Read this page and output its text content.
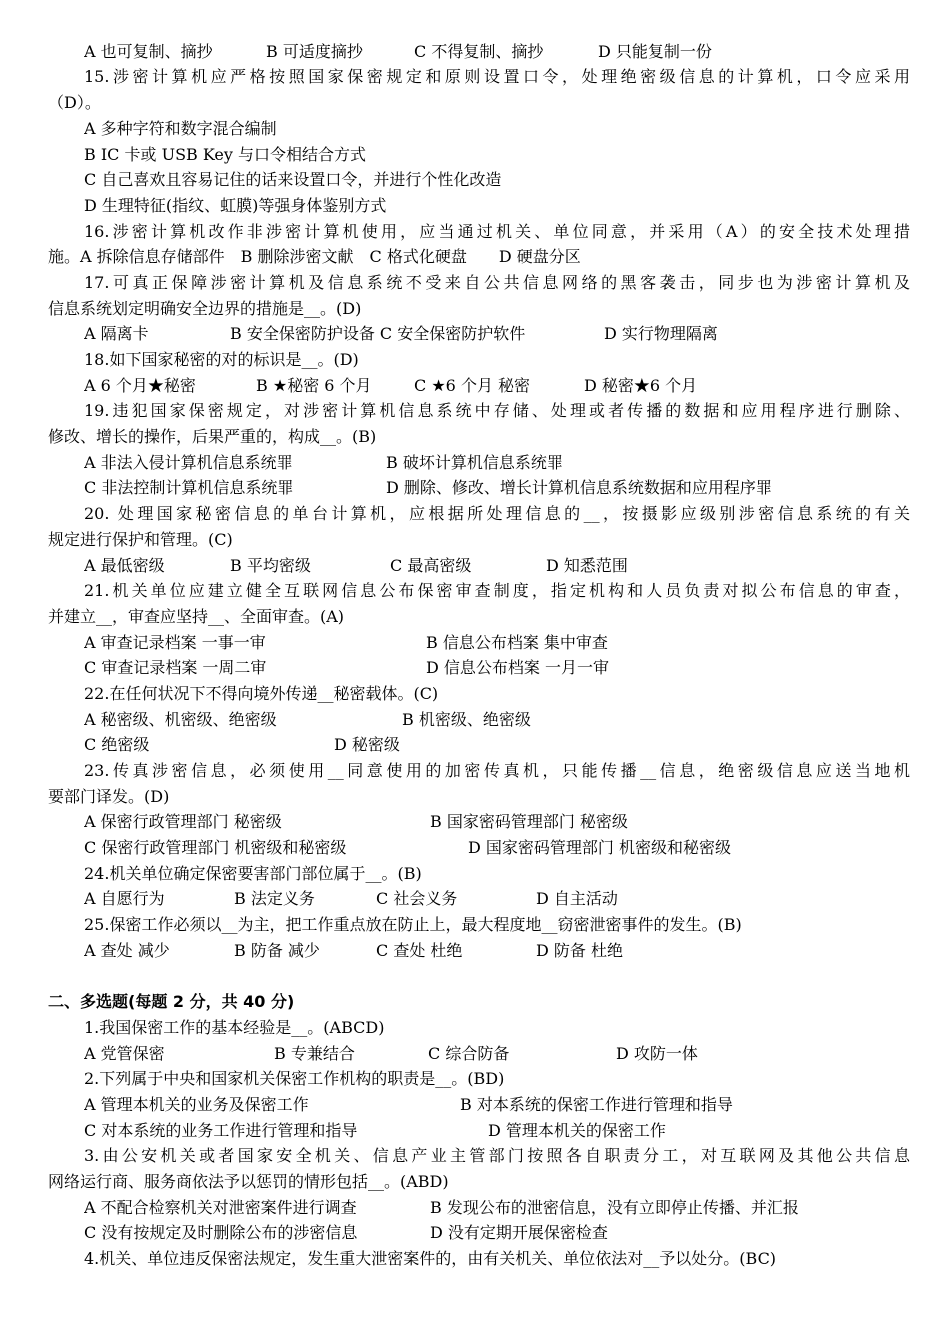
A 也可复制、摘抄	B 可适度摘抄	C 不得复制、摘抄	D 只能复制一份
15.涉密计算机应严格按照国家保密规定和原则设置口令，处理绝密级信息的计算机，口令应采用
（D）。
A 多种字符和数字混合编制
B IC 卡或 USB Key 与口令相结合方式
C 自己喜欢且容易记住的话来设置口令，并进行个性化改造
D 生理特征(指纹、虹膜)等强身体鉴别方式
16.涉密计算机改作非涉密计算机使用，应当通过机关、单位同意，并采用（A）的安全技术处理措
施。A 拆除信息存储部件　B 删除涉密文献　C 格式化硬盘　　D 硬盘分区
17.可真正保障涉密计算机及信息系统不受来自公共信息网络的黑客袭击，同步也为涉密计算机及
信息系统划定明确安全边界的措施是__。(D)
A 隔离卡	B 安全保密防护设备 C 安全保密防护软件	D 实行物理隔离
18.如下国家秘密的对的标识是__。(D)
A 6 个月★秘密	B ★秘密 6 个月	C ★6 个月 秘密	D 秘密★6 个月
19.违犯国家保密规定，对涉密计算机信息系统中存储、处理或者传播的数据和应用程序进行删除、
修改、增长的操作，后果严重的，构成__。(B)
A 非法入侵计算机信息系统罪	B 破坏计算机信息系统罪
C 非法控制计算机信息系统罪	D 删除、修改、增长计算机信息系统数据和应用程序罪
20. 处理国家秘密信息的单台计算机，应根据所处理信息的__，按摄影应级别涉密信息系统的有关
规定进行保护和管理。(C)
A 最低密级	B 平均密级	C 最高密级	D 知悉范围
21.机关单位应建立健全互联网信息公布保密审查制度，指定机构和人员负责对拟公布信息的审查，
并建立__，审查应坚持__、全面审查。(A)
A 审查记录档案 一事一审	B 信息公布档案 集中审查
C 审查记录档案 一周二审	D 信息公布档案 一月一审
22.在任何状况下不得向境外传递__秘密载体。(C)
A 秘密级、机密级、绝密级	B 机密级、绝密级
C 绝密级	D 秘密级
23.传真涉密信息，必须使用__同意使用的加密传真机，只能传播__信息，绝密级信息应送当地机
要部门译发。(D)
A 保密行政管理部门 秘密级	B 国家密码管理部门 秘密级
C 保密行政管理部门 机密级和秘密级	D 国家密码管理部门 机密级和秘密级
24.机关单位确定保密要害部门部位属于__。(B)
A 自愿行为	B 法定义务	C 社会义务	D 自主活动
25.保密工作必须以__为主，把工作重点放在防止上，最大程度地__窃密泄密事件的发生。(B)
A 查处 减少	B 防备 减少	C 查处 杜绝	D 防备 杜绝
二、多选题(每题 2 分，共 40 分)
1.我国保密工作的基本经验是__。(ABCD)
A 党管保密	B 专兼结合	C 综合防备	D 攻防一体
2.下列属于中央和国家机关保密工作机构的职责是__。(BD)
A 管理本机关的业务及保密工作	B 对本系统的保密工作进行管理和指导
C 对本系统的业务工作进行管理和指导	D 管理本机关的保密工作
3.由公安机关或者国家安全机关、信息产业主管部门按照各自职责分工，对互联网及其他公共信息
网络运行商、服务商依法予以惩罚的情形包括__。(ABD)
A 不配合检察机关对泄密案件进行调查	B 发现公布的泄密信息，没有立即停止传播、并汇报
C 没有按规定及时删除公布的涉密信息	D 没有定期开展保密检查
4.机关、单位违反保密法规定，发生重大泄密案件的，由有关机关、单位依法对__予以处分。(BC)
